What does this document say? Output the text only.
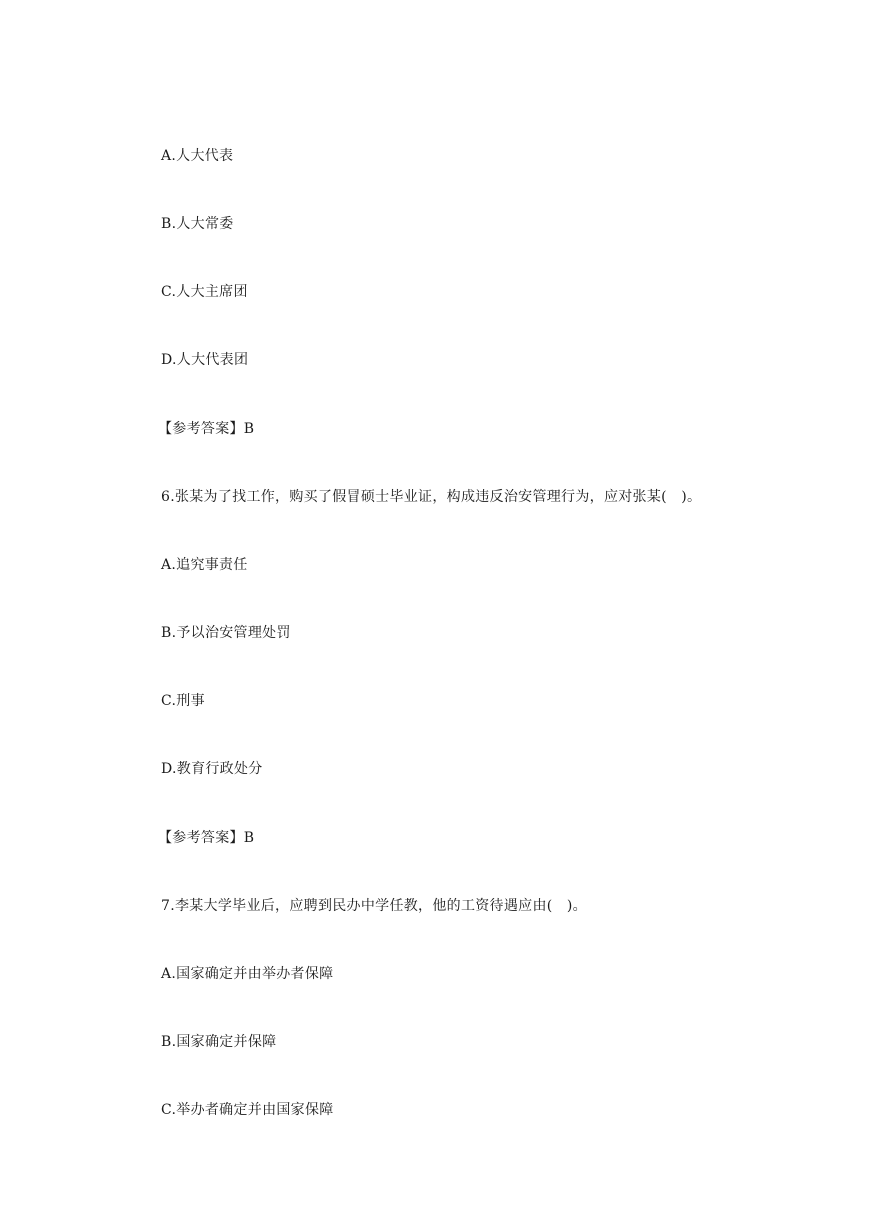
A.人大代表
B.人大常委
C.人大主席团
D.人大代表团
【参考答案】B
6.张某为了找工作，购买了假冒硕士毕业证，构成违反治安管理行为，应对张某(　)。
A.追究事责任
B.予以治安管理处罚
C.刑事
D.教育行政处分
【参考答案】B
7.李某大学毕业后，应聘到民办中学任教，他的工资待遇应由(　)。
A.国家确定并由举办者保障
B.国家确定并保障
C.举办者确定并由国家保障
